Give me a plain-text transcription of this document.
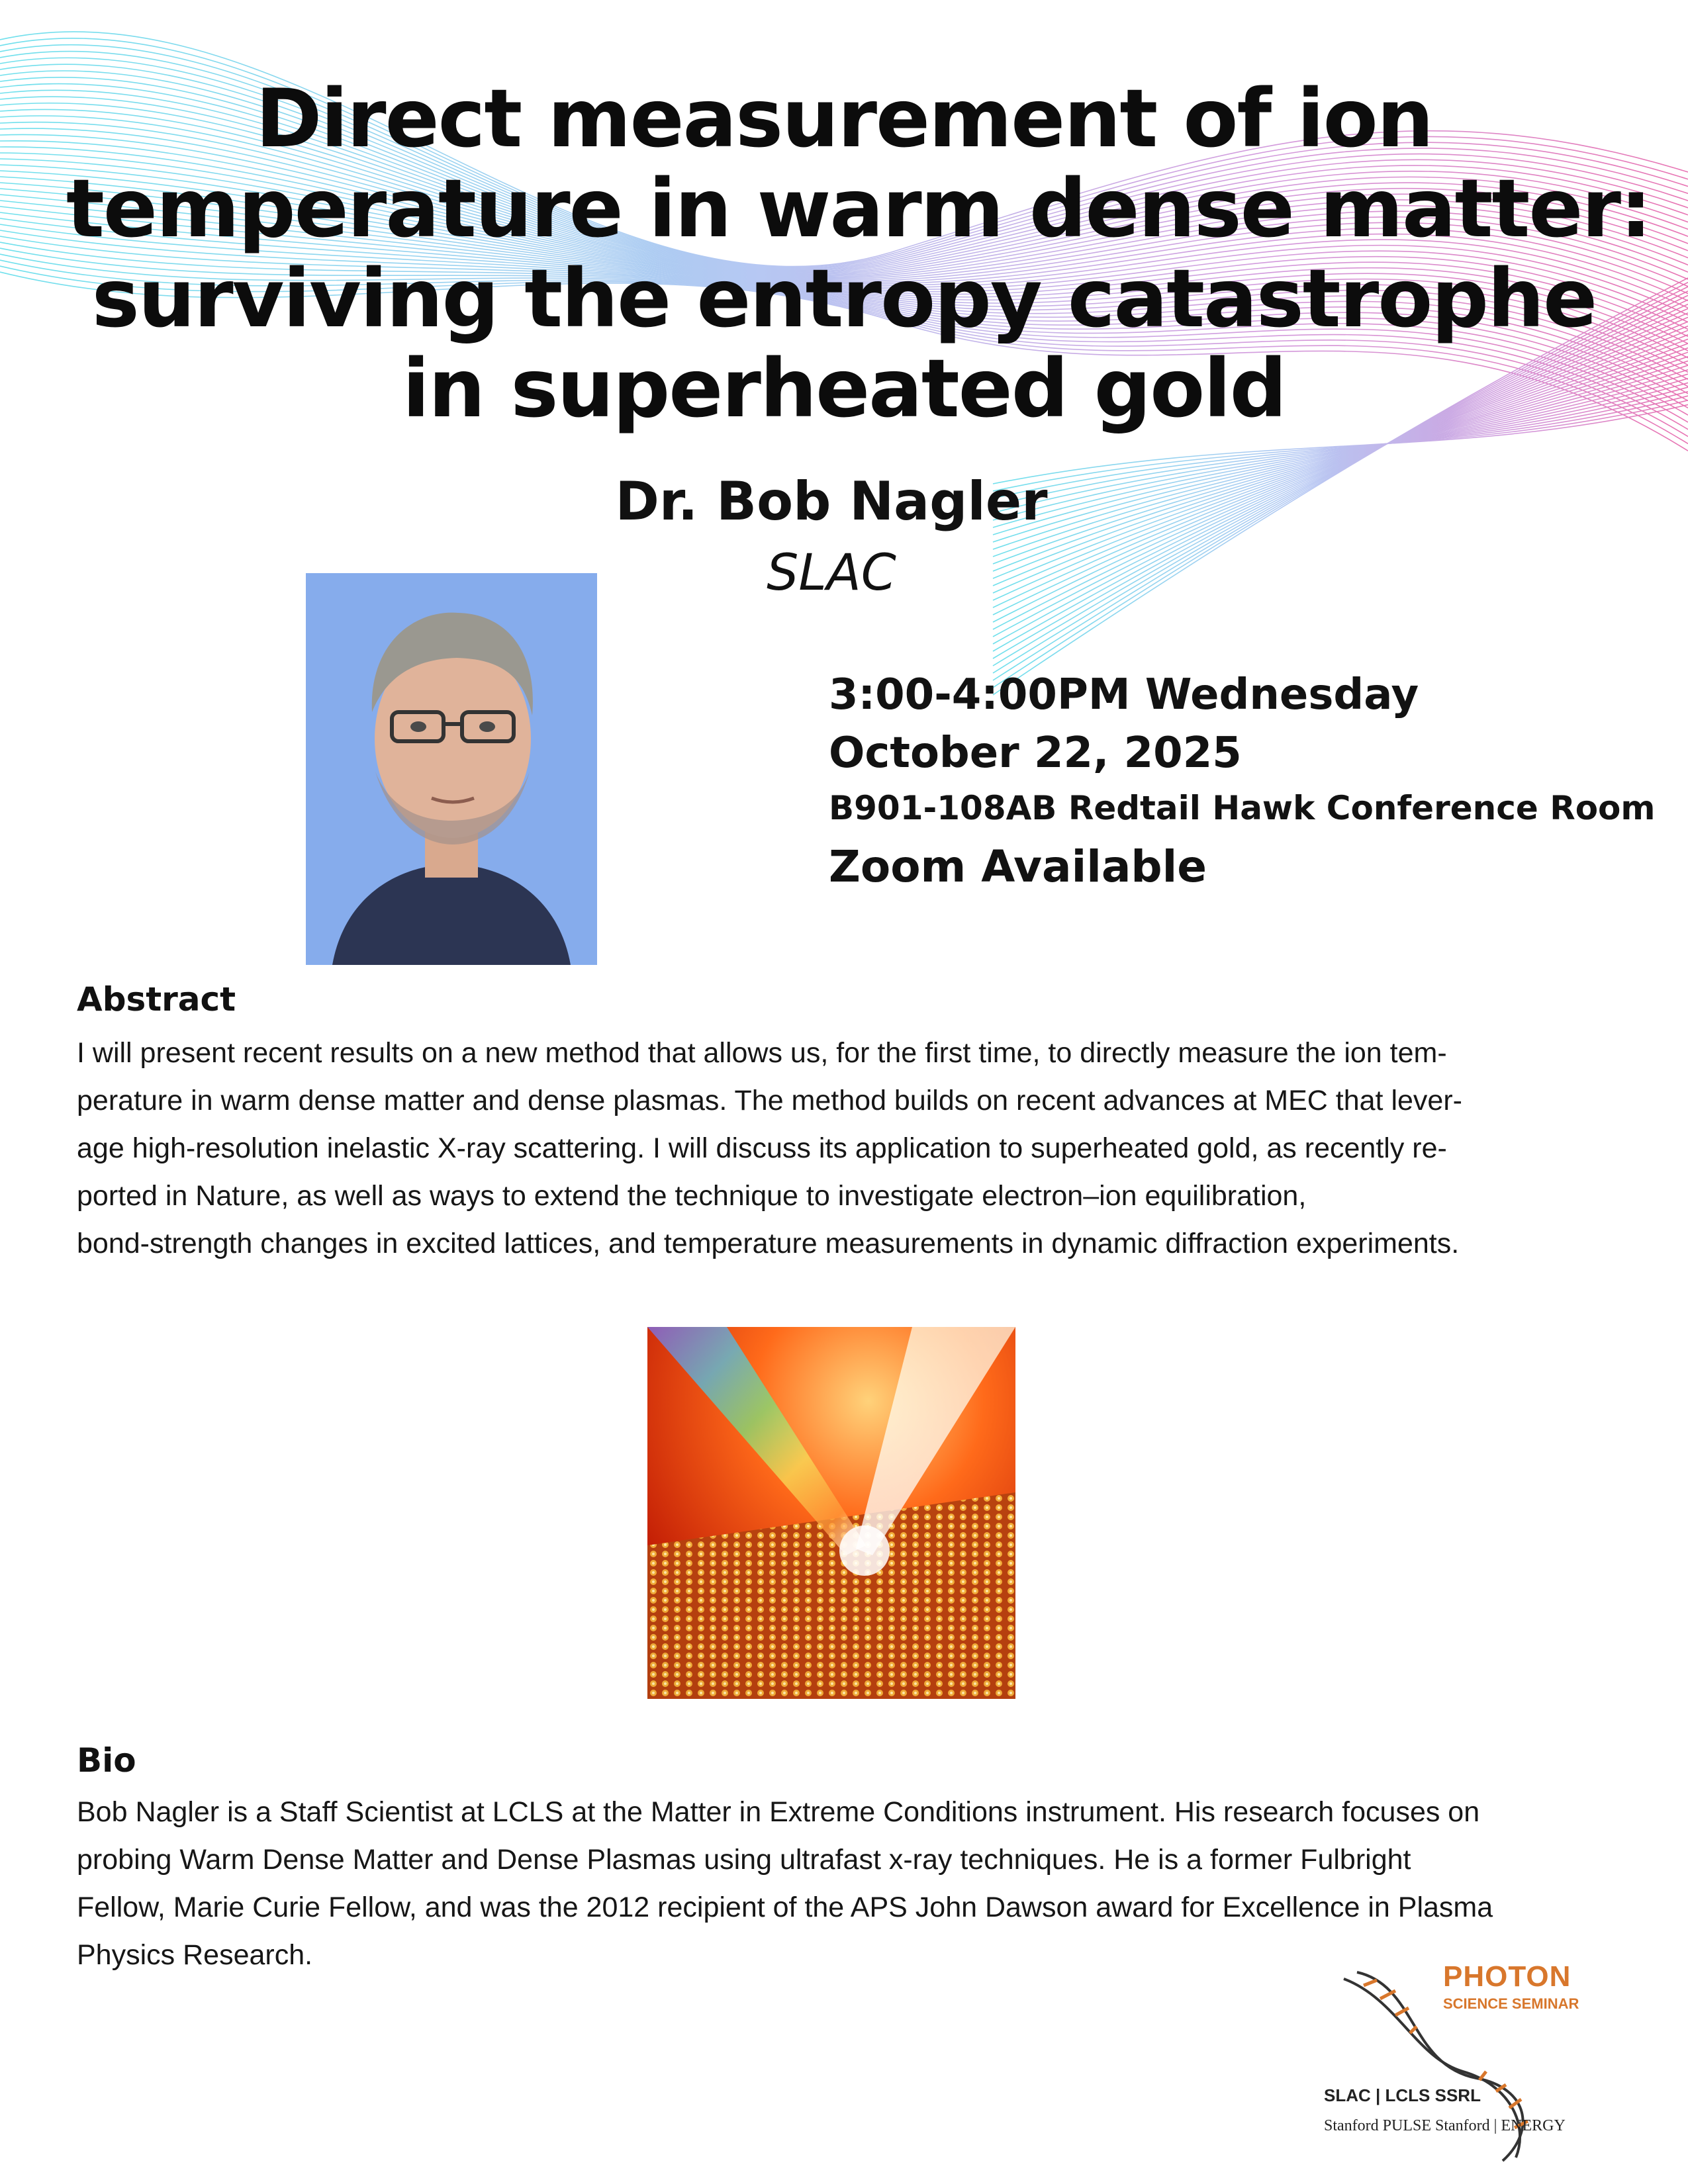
Direct measurement of ion
temperature in warm dense matter:
surviving the entropy catastrophe
in superheated gold
Dr. Bob Nagler
SLAC
3:00-4:00PM Wednesday
October 22, 2025
B901-108AB Redtail Hawk Conference Room
Zoom Available
Abstract
I will present recent results on a new method that allows us, for the first time, to directly measure the ion tem-
perature in warm dense matter and dense plasmas. The method builds on recent advances at MEC that lever-
age high-resolution inelastic X-ray scattering. I will discuss its application to superheated gold, as recently re-
ported in Nature, as well as ways to extend the technique to investigate electron–ion equilibration,
bond-strength changes in excited lattices, and temperature measurements in dynamic diffraction experiments.
Bio
Bob Nagler is a Staff Scientist at LCLS at the Matter in Extreme Conditions instrument. His research focuses on
probing Warm Dense Matter and Dense Plasmas using ultrafast x-ray techniques. He is a former Fulbright
Fellow, Marie Curie Fellow, and was the 2012 recipient of the APS John Dawson award for Excellence in Plasma
Physics Research.
PHOTON
SCIENCE SEMINAR
SLAC | LCLS SSRL
Stanford PULSE Stanford | ENERGY
